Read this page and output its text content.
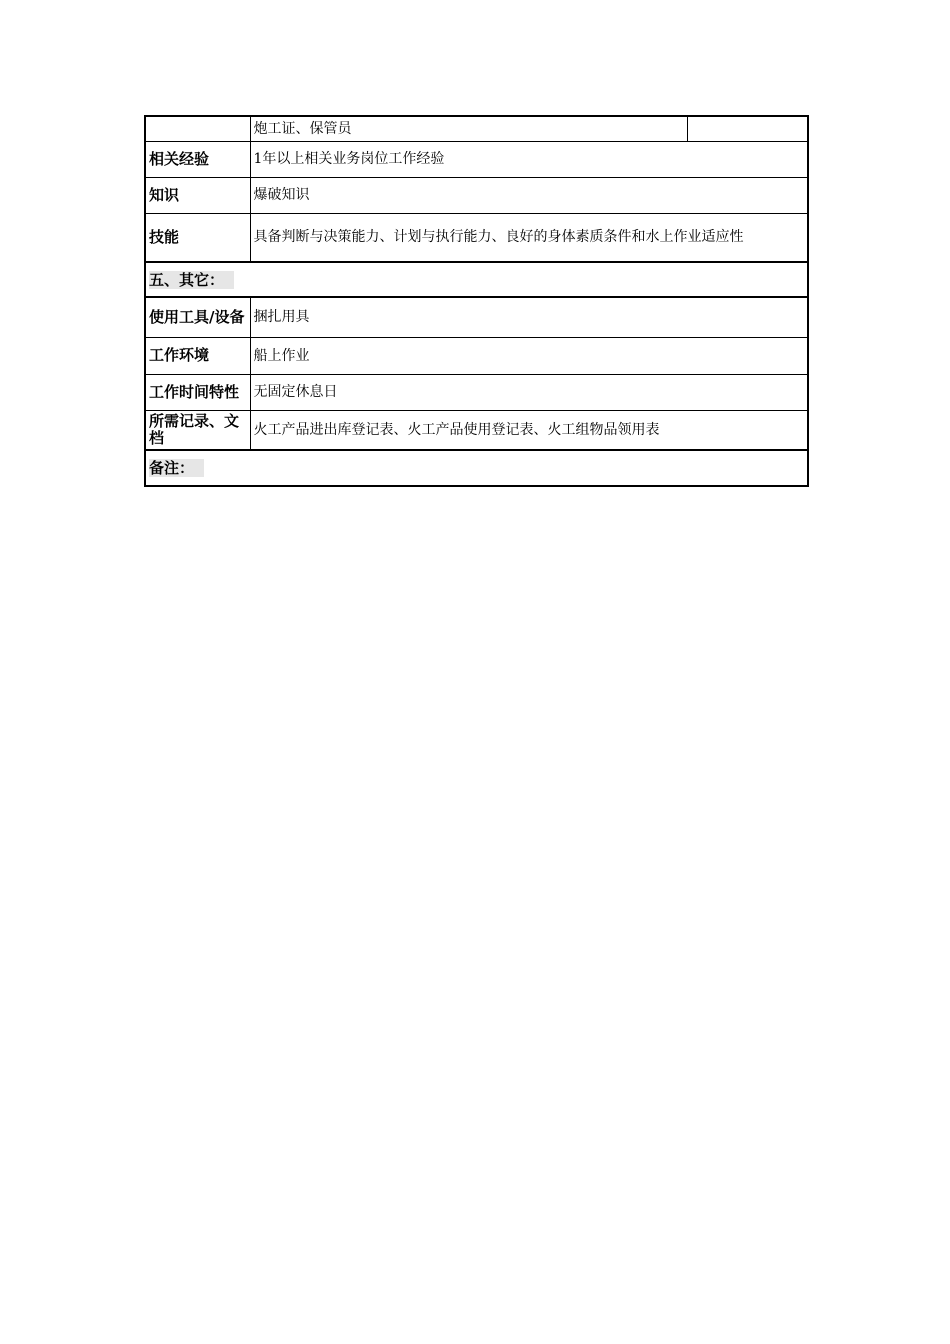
	炮工证、保管员	
相关经验	1年以上相关业务岗位工作经验	
知识	爆破知识	
技能	具备判断与决策能力、计划与执行能力、良好的身体素质条件和水上作业适应性	
五、其它：		
使用工具/设备	捆扎用具	
工作环境	船上作业	
工作时间特性	无固定休息日	
所需记录、文档	火工产品进出库登记表、火工产品使用登记表、火工组物品领用表	
备注：		
